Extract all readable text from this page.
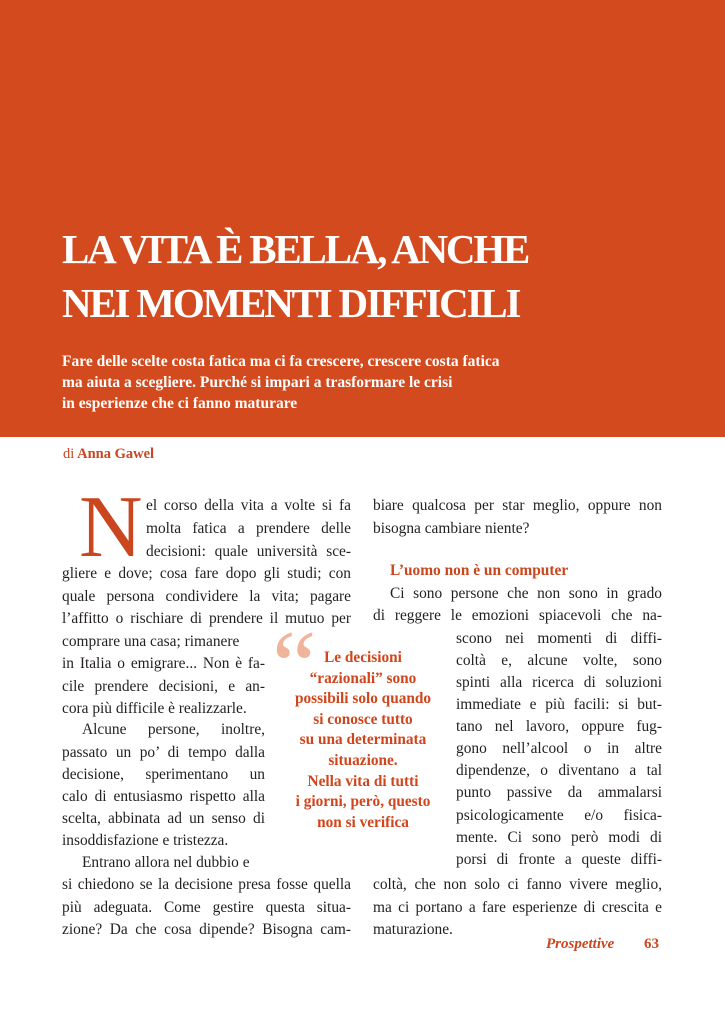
LA VITA È BELLA, ANCHE
NEI MOMENTI DIFFICILI

Fare delle scelte costa fatica ma ci fa crescere, crescere costa fatica
ma aiuta a scegliere. Purché si impari a trasformare le crisi
in esperienze che ci fanno maturare

di Anna Gawel
N el corso della vita a volte si fa
molta fatica a prendere delle
decisioni: quale università sce-
gliere e dove; cosa fare dopo gli studi; con
quale persona condividere la vita; pagare
l’affitto o rischiare di prendere il mutuo per
comprare una casa; rimanere
in Italia o emigrare... Non è fa-
cile prendere decisioni, e an-
cora più difficile è realizzarle.
Alcune persone, inoltre,
passato un po’ di tempo dalla
decisione, sperimentano un
calo di entusiasmo rispetto alla
scelta, abbinata ad un senso di
insoddisfazione e tristezza.
Entrano allora nel dubbio e
si chiedono se la decisione presa fosse quella
più adeguata. Come gestire questa situa-
zione? Da che cosa dipende? Bisogna cam-
biare qualcosa per star meglio, oppure non
bisogna cambiare niente?
L’uomo non è un computer
Ci sono persone che non sono in grado
di reggere le emozioni spiacevoli che na-
scono nei momenti di diffi-
coltà e, alcune volte, sono
spinti alla ricerca di soluzioni
immediate e più facili: si but-
tano nel lavoro, oppure fug-
gono nell’alcool o in altre
dipendenze, o diventano a tal
punto passive da ammalarsi
psicologicamente e/o fisica-
mente. Ci sono però modi di
porsi di fronte a queste diffi-
coltà, che non solo ci fanno vivere meglio,
ma ci portano a fare esperienze di crescita e
maturazione.
“ Le decisioni
“razionali” sono
possibili solo quando
si conosce tutto
su una determinata
situazione.
Nella vita di tutti
i giorni, però, questo
non si verifica
Prospettive 63
